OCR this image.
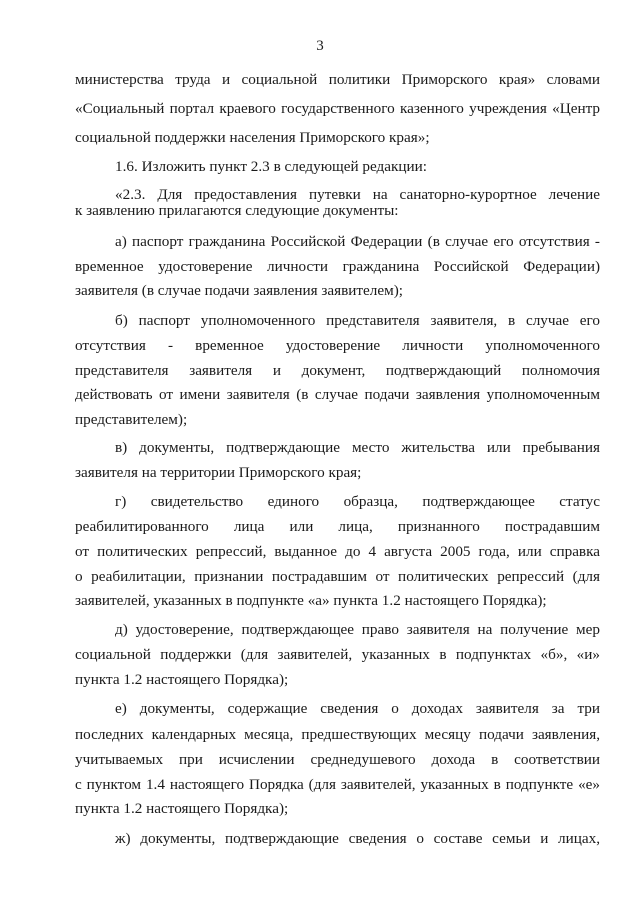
3
министерства труда и социальной политики Приморского края» словами
«Социальный портал краевого государственного казенного учреждения «Центр
социальной поддержки населения Приморского края»;
1.6. Изложить пункт 2.3 в следующей редакции:
«2.3. Для предоставления путевки на санаторно-курортное лечение
к заявлению прилагаются следующие документы:
а) паспорт гражданина Российской Федерации (в случае его отсутствия -
временное удостоверение личности гражданина Российской Федерации)
заявителя (в случае подачи заявления заявителем);
б) паспорт уполномоченного представителя заявителя, в случае его
отсутствия - временное удостоверение личности уполномоченного
представителя заявителя и документ, подтверждающий полномочия
действовать от имени заявителя (в случае подачи заявления уполномоченным
представителем);
в) документы, подтверждающие место жительства или пребывания
заявителя на территории Приморского края;
г) свидетельство единого образца, подтверждающее статус
реабилитированного лица или лица, признанного пострадавшим
от политических репрессий, выданное до 4 августа 2005 года, или справка
о реабилитации, признании пострадавшим от политических репрессий (для
заявителей, указанных в подпункте «а» пункта 1.2 настоящего Порядка);
д) удостоверение, подтверждающее право заявителя на получение мер
социальной поддержки (для заявителей, указанных в подпунктах «б», «и»
пункта 1.2 настоящего Порядка);
е) документы, содержащие сведения о доходах заявителя за три
последних календарных месяца, предшествующих месяцу подачи заявления,
учитываемых при исчислении среднедушевого дохода в соответствии
с пунктом 1.4 настоящего Порядка (для заявителей, указанных в подпункте «е»
пункта 1.2 настоящего Порядка);
ж) документы, подтверждающие сведения о составе семьи и лицах,
